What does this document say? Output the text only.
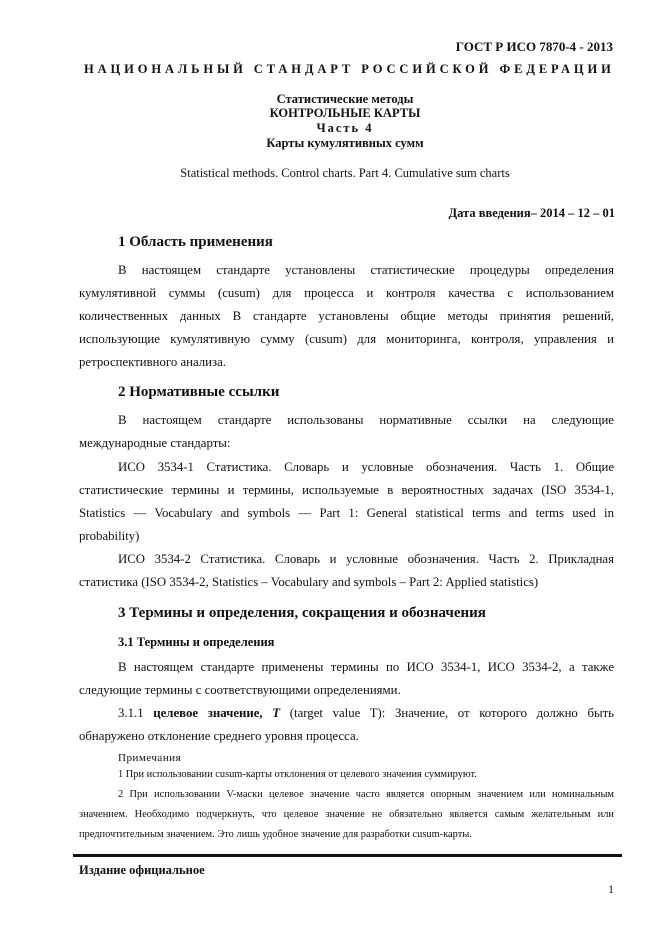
ГОСТ Р ИСО 7870-4 - 2013
НАЦИОНАЛЬНЫЙ СТАНДАРТ РОССИЙСКОЙ ФЕДЕРАЦИИ
Статистические методы
КОНТРОЛЬНЫЕ КАРТЫ
Часть 4
Карты кумулятивных сумм
Statistical methods. Control charts. Part 4. Cumulative sum charts
Дата введения– 2014 – 12 – 01
1 Область применения
В настоящем стандарте установлены статистические процедуры определения
кумулятивной суммы (cusum) для процесса и контроля качества с использованием
количественных данных В стандарте установлены общие методы принятия решений,
использующие кумулятивную сумму (cusum) для мониторинга, контроля, управления и
ретроспективного анализа.
2 Нормативные ссылки
В настоящем стандарте использованы нормативные ссылки на следующие
международные стандарты:
ИСО 3534-1 Статистика. Словарь и условные обозначения. Часть 1. Общие
статистические термины и термины, используемые в вероятностных задачах (ISO 3534-1,
Statistics — Vocabulary and symbols — Part 1: General statistical terms and terms used in
probability)
ИСО 3534-2 Статистика. Словарь и условные обозначения. Часть 2. Прикладная
статистика (ISO 3534-2, Statistics – Vocabulary and symbols – Part 2: Applied statistics)
3 Термины и определения, сокращения и обозначения
3.1 Термины и определения
В настоящем стандарте применены термины по ИСО 3534-1, ИСО 3534-2, а также
следующие термины с соответствующими определениями.
3.1.1 целевое значение, T (target value T): Значение, от которого должно быть
обнаружено отклонение среднего уровня процесса.
Примечания
1 При использовании cusum-карты отклонения от целевого значения суммируют.
2 При использовании V-маски целевое значение часто является опорным значением или номинальным
значением. Необходимо подчеркнуть, что целевое значение не обязательно является самым желательным или
предпочтительным значением. Это лишь удобное значение для разработки cusum-карты.
Издание официальное
1
